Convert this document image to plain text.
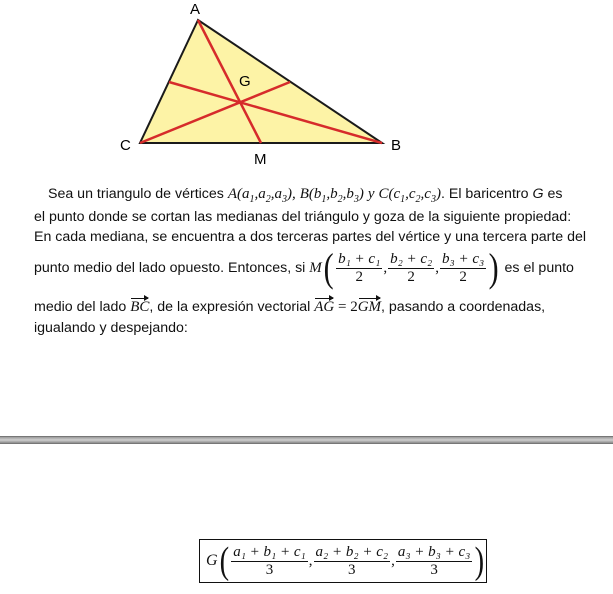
A
B
C
G
M
Sea un triangulo de vértices $A(a_1,a_2,a_3)$, $B(b_1,b_2,b_3)$ y $C(c_1,c_2,c_3)$. El baricentro G es
el punto donde se cortan las medianas del triángulo y goza de la siguiente propiedad:
En cada mediana, se encuentra a dos terceras partes del vértice y una tercera parte del
punto medio del lado opuesto. Entonces, si M ( $\frac{\text{b₁ + c₁}}{2}$ , $\frac{\text{b₂ + c₂}}{2}$ , $\frac{\text{b₃ + c₃}}{2}$ ) es el punto
medio del lado BC, de la expresión vectorial AG = 2GM, pasando a coordenadas,
igualando y despejando:
G ( $\frac{\text{a₁ + b₁ + c₁}}{3}$ , $\frac{\text{a₂ + b₂ + c₂}}{3}$ , $\frac{\text{a₃ + b₃ + c₃}}{3}$ )
